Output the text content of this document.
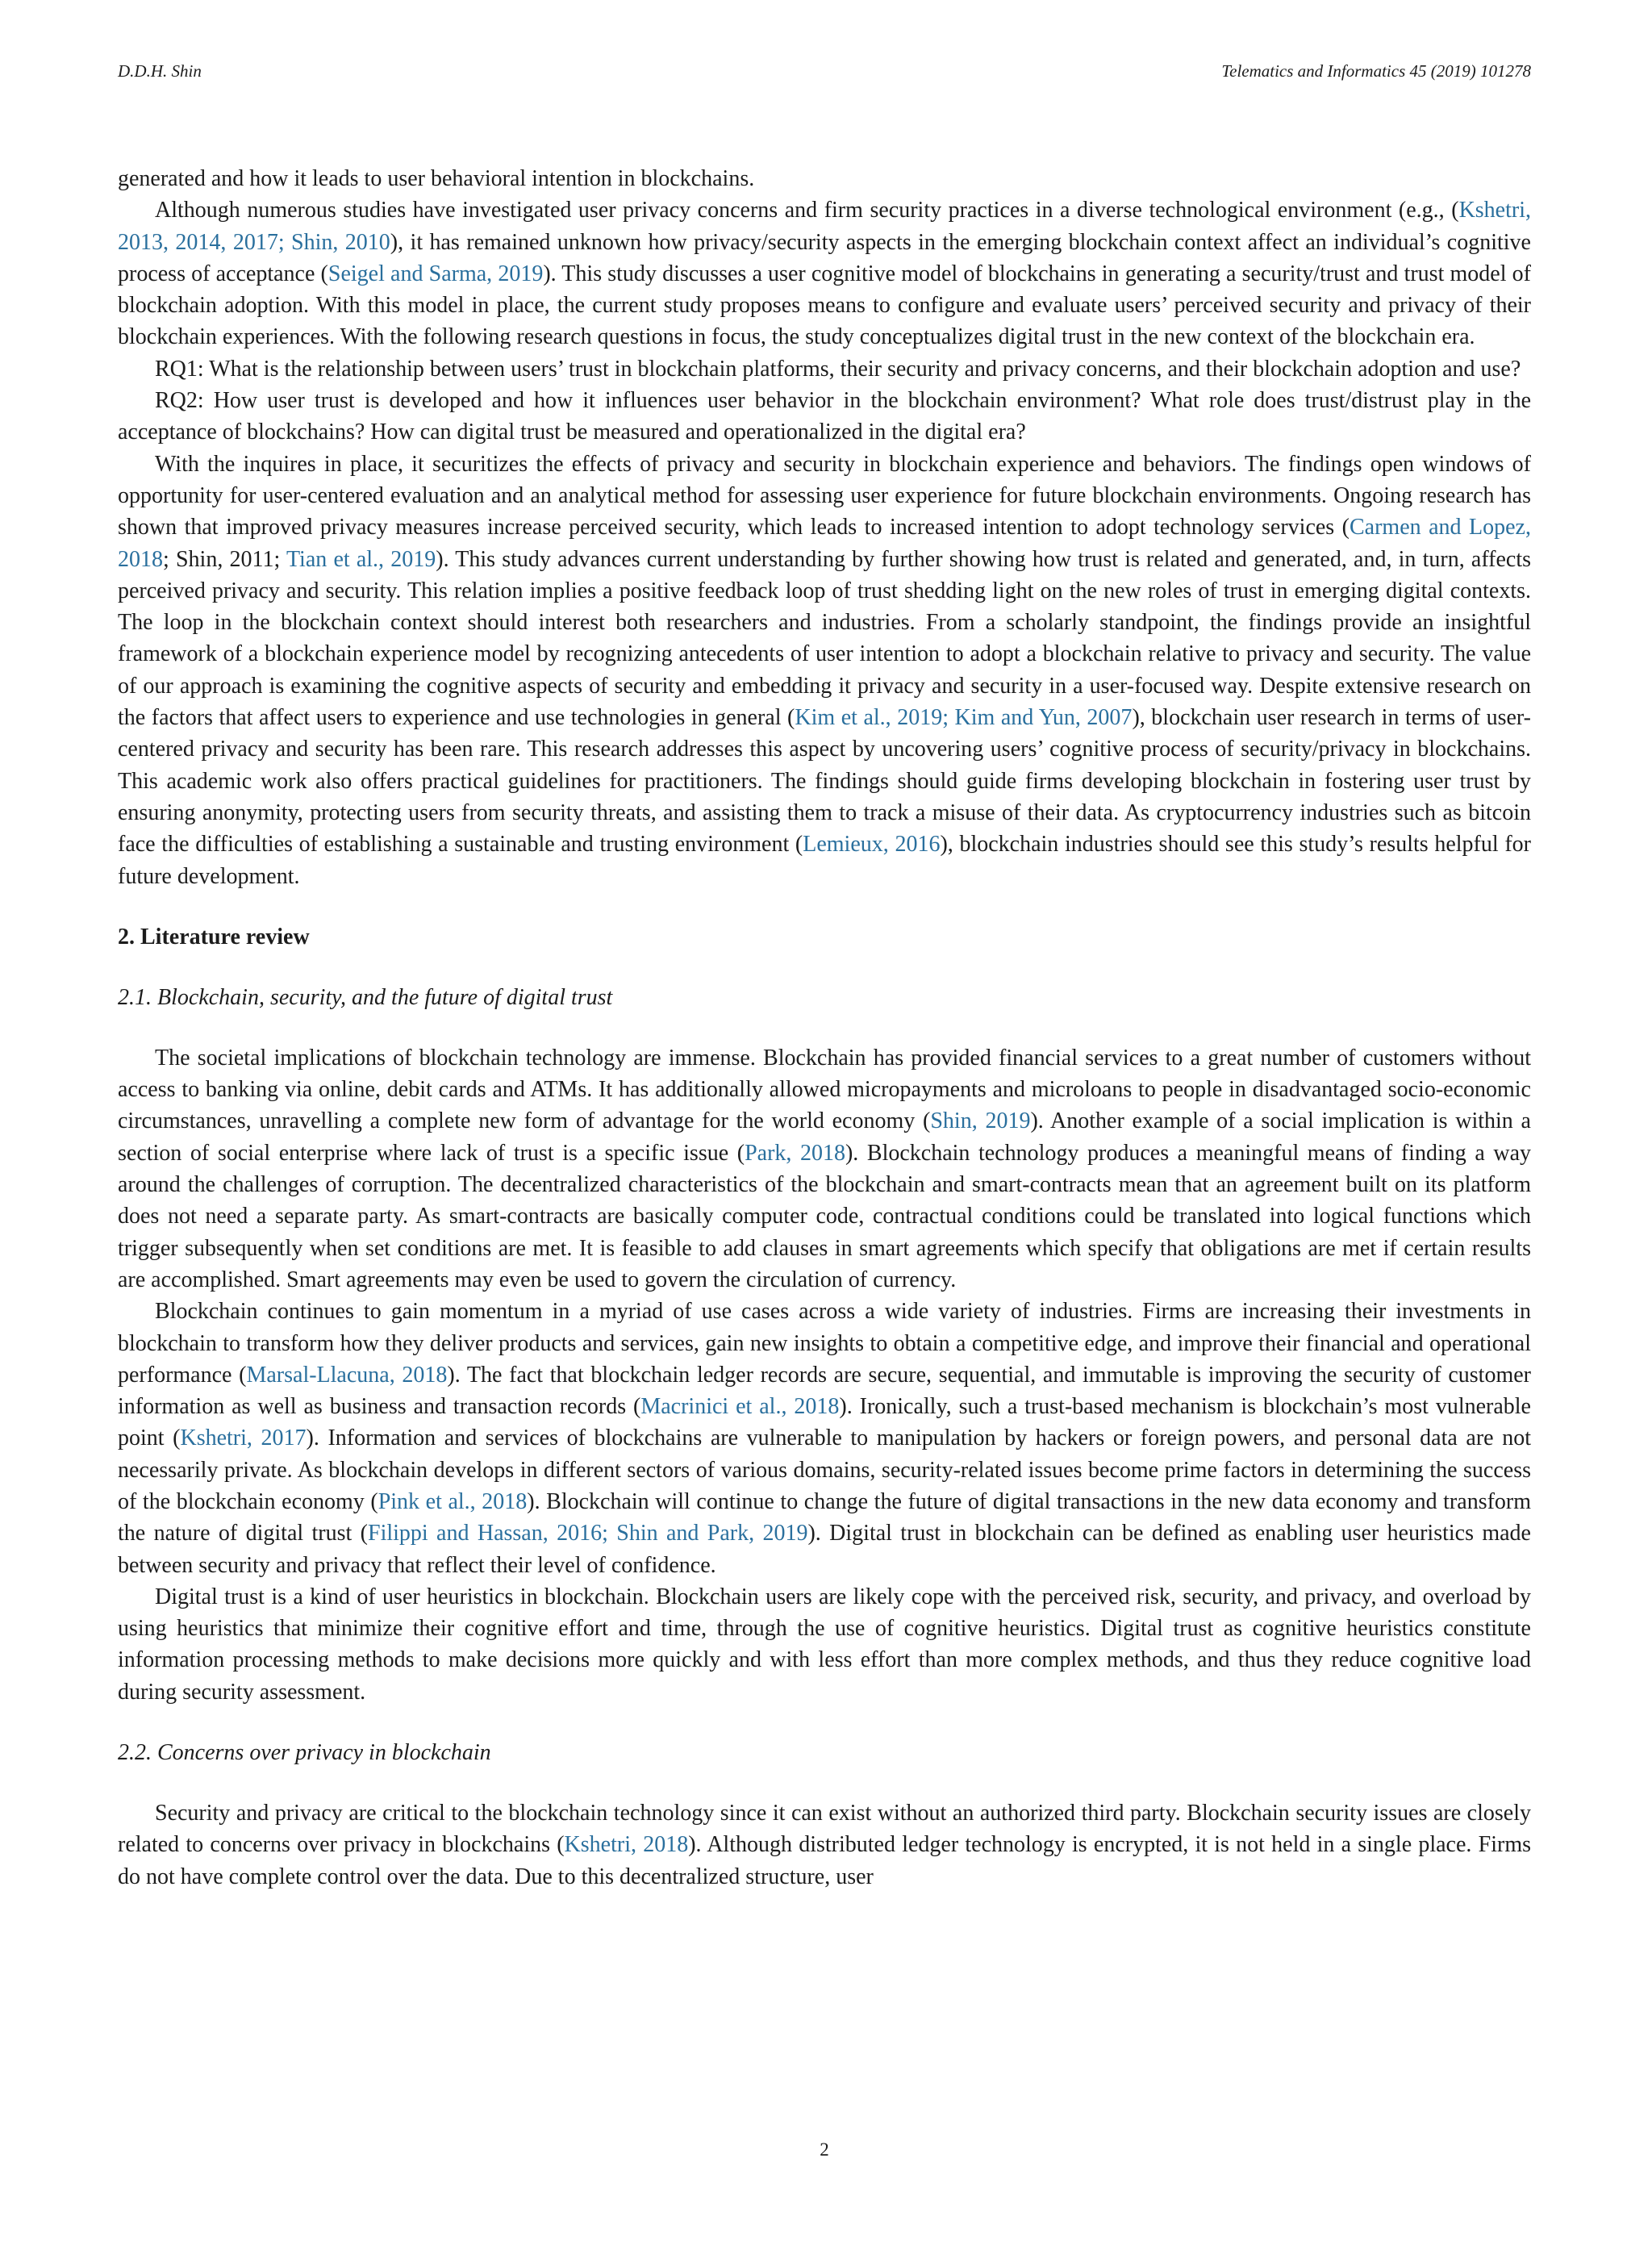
D.D.H. Shin	Telematics and Informatics 45 (2019) 101278

generated and how it leads to user behavioral intention in blockchains.

Although numerous studies have investigated user privacy concerns and firm security practices in a diverse technological environment (e.g., (Kshetri, 2013, 2014, 2017; Shin, 2010), it has remained unknown how privacy/security aspects in the emerging blockchain context affect an individual’s cognitive process of acceptance (Seigel and Sarma, 2019). This study discusses a user cognitive model of blockchains in generating a security/trust and trust model of blockchain adoption. With this model in place, the current study proposes means to configure and evaluate users’ perceived security and privacy of their blockchain experiences. With the following research questions in focus, the study conceptualizes digital trust in the new context of the blockchain era.

RQ1: What is the relationship between users’ trust in blockchain platforms, their security and privacy concerns, and their blockchain adoption and use?

RQ2: How user trust is developed and how it influences user behavior in the blockchain environment? What role does trust/distrust play in the acceptance of blockchains? How can digital trust be measured and operationalized in the digital era?

With the inquires in place, it securitizes the effects of privacy and security in blockchain experience and behaviors. The findings open windows of opportunity for user-centered evaluation and an analytical method for assessing user experience for future blockchain environments. Ongoing research has shown that improved privacy measures increase perceived security, which leads to increased intention to adopt technology services (Carmen and Lopez, 2018; Shin, 2011; Tian et al., 2019). This study advances current understanding by further showing how trust is related and generated, and, in turn, affects perceived privacy and security. This relation implies a positive feedback loop of trust shedding light on the new roles of trust in emerging digital contexts. The loop in the blockchain context should interest both researchers and industries. From a scholarly standpoint, the findings provide an insightful framework of a blockchain experience model by recognizing antecedents of user intention to adopt a blockchain relative to privacy and security. The value of our approach is examining the cognitive aspects of security and embedding it privacy and security in a user-focused way. Despite extensive research on the factors that affect users to experience and use technologies in general (Kim et al., 2019; Kim and Yun, 2007), blockchain user research in terms of user-centered privacy and security has been rare. This research addresses this aspect by uncovering users’ cognitive process of security/privacy in blockchains. This academic work also offers practical guidelines for practitioners. The findings should guide firms developing blockchain in fostering user trust by ensuring anonymity, protecting users from security threats, and assisting them to track a misuse of their data. As cryptocurrency industries such as bitcoin face the difficulties of establishing a sustainable and trusting environment (Lemieux, 2016), blockchain industries should see this study’s results helpful for future development.

2. Literature review
2.1. Blockchain, security, and the future of digital trust

The societal implications of blockchain technology are immense. Blockchain has provided financial services to a great number of customers without access to banking via online, debit cards and ATMs. It has additionally allowed micropayments and microloans to people in disadvantaged socio-economic circumstances, unravelling a complete new form of advantage for the world economy (Shin, 2019). Another example of a social implication is within a section of social enterprise where lack of trust is a specific issue (Park, 2018). Blockchain technology produces a meaningful means of finding a way around the challenges of corruption. The decentralized characteristics of the blockchain and smart-contracts mean that an agreement built on its platform does not need a separate party. As smart-contracts are basically computer code, contractual conditions could be translated into logical functions which trigger subsequently when set conditions are met. It is feasible to add clauses in smart agreements which specify that obligations are met if certain results are accomplished. Smart agreements may even be used to govern the circulation of currency.

Blockchain continues to gain momentum in a myriad of use cases across a wide variety of industries. Firms are increasing their investments in blockchain to transform how they deliver products and services, gain new insights to obtain a competitive edge, and improve their financial and operational performance (Marsal-Llacuna, 2018). The fact that blockchain ledger records are secure, sequential, and immutable is improving the security of customer information as well as business and transaction records (Macrinici et al., 2018). Ironically, such a trust-based mechanism is blockchain’s most vulnerable point (Kshetri, 2017). Information and services of blockchains are vulnerable to manipulation by hackers or foreign powers, and personal data are not necessarily private. As blockchain develops in different sectors of various domains, security-related issues become prime factors in determining the success of the blockchain economy (Pink et al., 2018). Blockchain will continue to change the future of digital transactions in the new data economy and transform the nature of digital trust (Filippi and Hassan, 2016; Shin and Park, 2019). Digital trust in blockchain can be defined as enabling user heuristics made between security and privacy that reflect their level of confidence.

Digital trust is a kind of user heuristics in blockchain. Blockchain users are likely cope with the perceived risk, security, and privacy, and overload by using heuristics that minimize their cognitive effort and time, through the use of cognitive heuristics. Digital trust as cognitive heuristics constitute information processing methods to make decisions more quickly and with less effort than more complex methods, and thus they reduce cognitive load during security assessment.

2.2. Concerns over privacy in blockchain

Security and privacy are critical to the blockchain technology since it can exist without an authorized third party. Blockchain security issues are closely related to concerns over privacy in blockchains (Kshetri, 2018). Although distributed ledger technology is encrypted, it is not held in a single place. Firms do not have complete control over the data. Due to this decentralized structure, user

2
